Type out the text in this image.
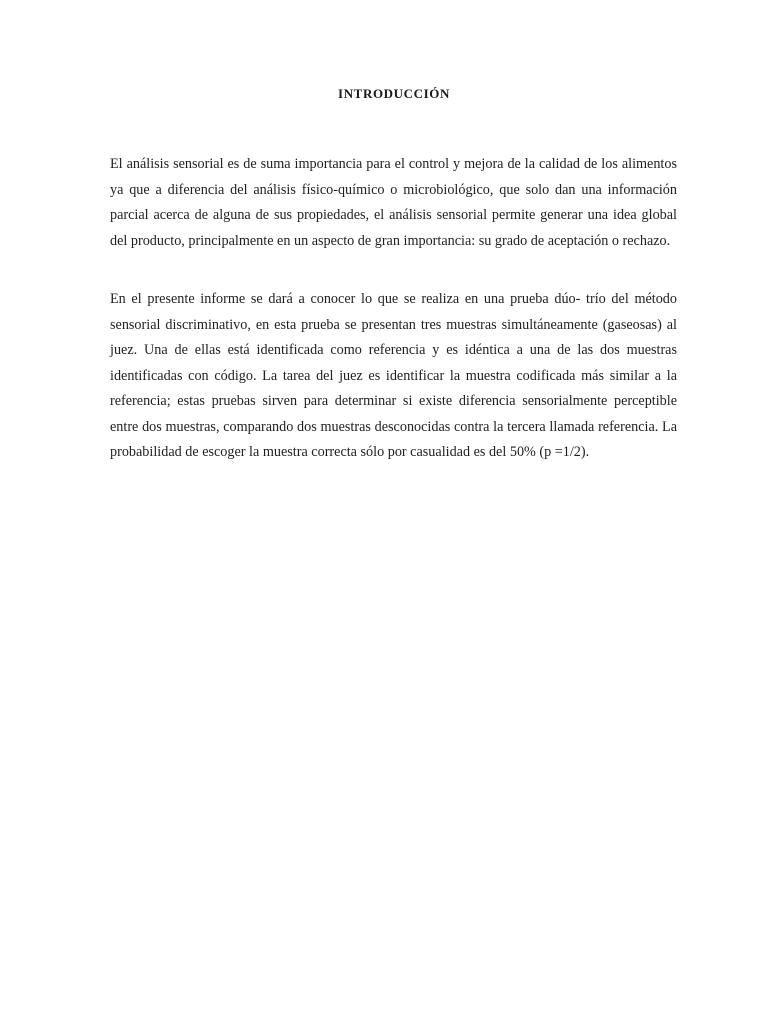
INTRODUCCIÓN

El análisis sensorial es de suma importancia para el control y mejora de la calidad de los alimentos ya que a diferencia del análisis físico-químico o microbiológico, que solo dan una información parcial acerca de alguna de sus propiedades, el análisis sensorial permite generar una idea global del producto, principalmente en un aspecto de gran importancia: su grado de aceptación o rechazo.

En el presente informe se dará a conocer lo que se realiza en una prueba dúo- trío del método sensorial discriminativo, en esta prueba se presentan tres muestras simultáneamente (gaseosas) al juez. Una de ellas está identificada como referencia y es idéntica a una de las dos muestras identificadas con código. La tarea del juez es identificar la muestra codificada más similar a la referencia; estas pruebas sirven para determinar si existe diferencia sensorialmente perceptible entre dos muestras, comparando dos muestras desconocidas contra la tercera llamada referencia. La probabilidad de escoger la muestra correcta sólo por casualidad es del 50% (p =1/2).
